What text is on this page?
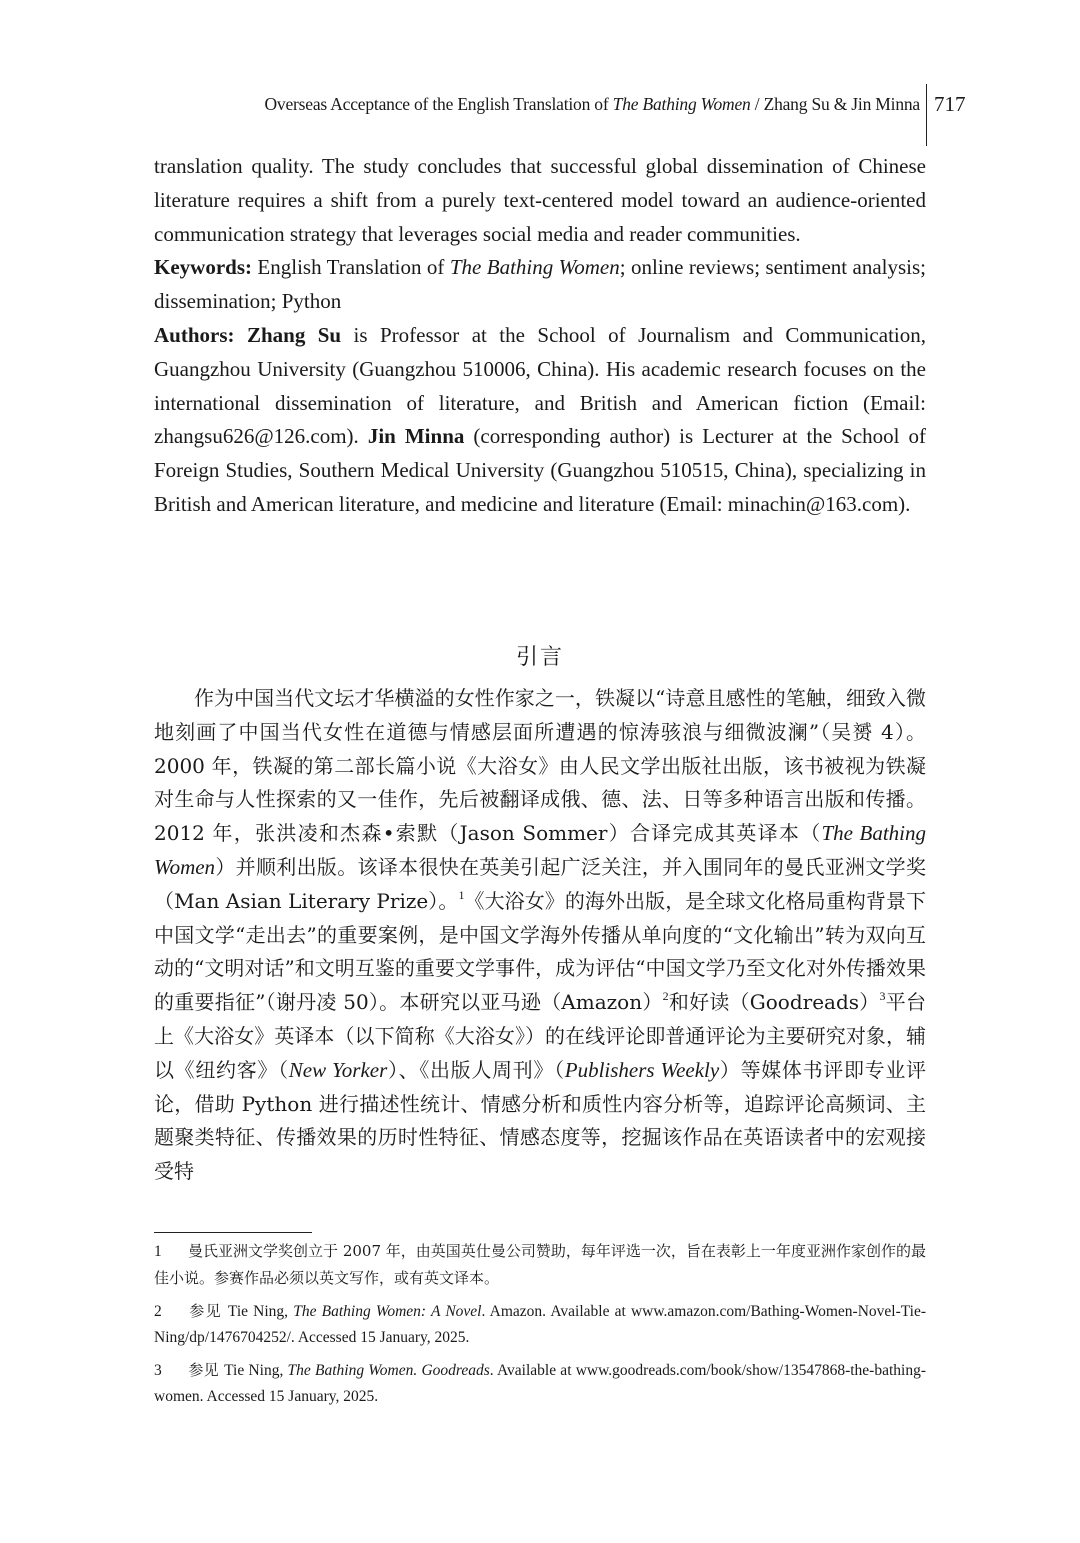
Overseas Acceptance of the English Translation of The Bathing Women / Zhang Su & Jin Minna 717

translation quality. The study concludes that successful global dissemination of Chinese literature requires a shift from a purely text-centered model toward an audience-oriented communication strategy that leverages social media and reader communities.

Keywords: English Translation of The Bathing Women; online reviews; sentiment analysis; dissemination; Python

Authors: Zhang Su is Professor at the School of Journalism and Communication, Guangzhou University (Guangzhou 510006, China). His academic research focuses on the international dissemination of literature, and British and American fiction (Email: zhangsu626@126.com). Jin Minna (corresponding author) is Lecturer at the School of Foreign Studies, Southern Medical University (Guangzhou 510515, China), specializing in British and American literature, and medicine and literature (Email: minachin@163.com).

引言

作为中国当代文坛才华横溢的女性作家之一，铁凝以“诗意且感性的笔触，细致入微地刻画了中国当代女性在道德与情感层面所遭遇的惊涛骇浪与细微波澜”（吴赟 4）。2000 年，铁凝的第二部长篇小说《大浴女》由人民文学出版社出版，该书被视为铁凝对生命与人性探索的又一佳作，先后被翻译成俄、德、法、日等多种语言出版和传播。2012 年，张洪凌和杰森•索默（Jason Sommer）合译完成其英译本（The Bathing Women）并顺利出版。该译本很快在英美引起广泛关注，并入围同年的曼氏亚洲文学奖（Man Asian Literary Prize）。$^1$《大浴女》的海外出版，是全球文化格局重构背景下中国文学“走出去”的重要案例，是中国文学海外传播从单向度的“文化输出”转为双向互动的“文明对话”和文明互鉴的重要文学事件，成为评估“中国文学乃至文化对外传播效果的重要指征”（谢丹凌 50）。本研究以亚马逊（Amazon）$^2$和好读（Goodreads）$^3$平台上《大浴女》英译本（以下简称《大浴女》）的在线评论即普通评论为主要研究对象，辅以《纽约客》（New Yorker）、《出版人周刊》（Publishers Weekly）等媒体书评即专业评论，借助 Python 进行描述性统计、情感分析和质性内容分析等，追踪评论高频词、主题聚类特征、传播效果的历时性特征、情感态度等，挖掘该作品在英语读者中的宏观接受特

1 曼氏亚洲文学奖创立于 2007 年，由英国英仕曼公司赞助，每年评选一次，旨在表彰上一年度亚洲作家创作的最佳小说。参赛作品必须以英文写作，或有英文译本。

2 参见 Tie Ning, The Bathing Women: A Novel. Amazon. Available at www.amazon.com/Bathing-Women-Novel-Tie-Ning/dp/1476704252/. Accessed 15 January, 2025.

3 参见 Tie Ning, The Bathing Women. Goodreads. Available at www.goodreads.com/book/show/13547868-the-bathing-women. Accessed 15 January, 2025.
